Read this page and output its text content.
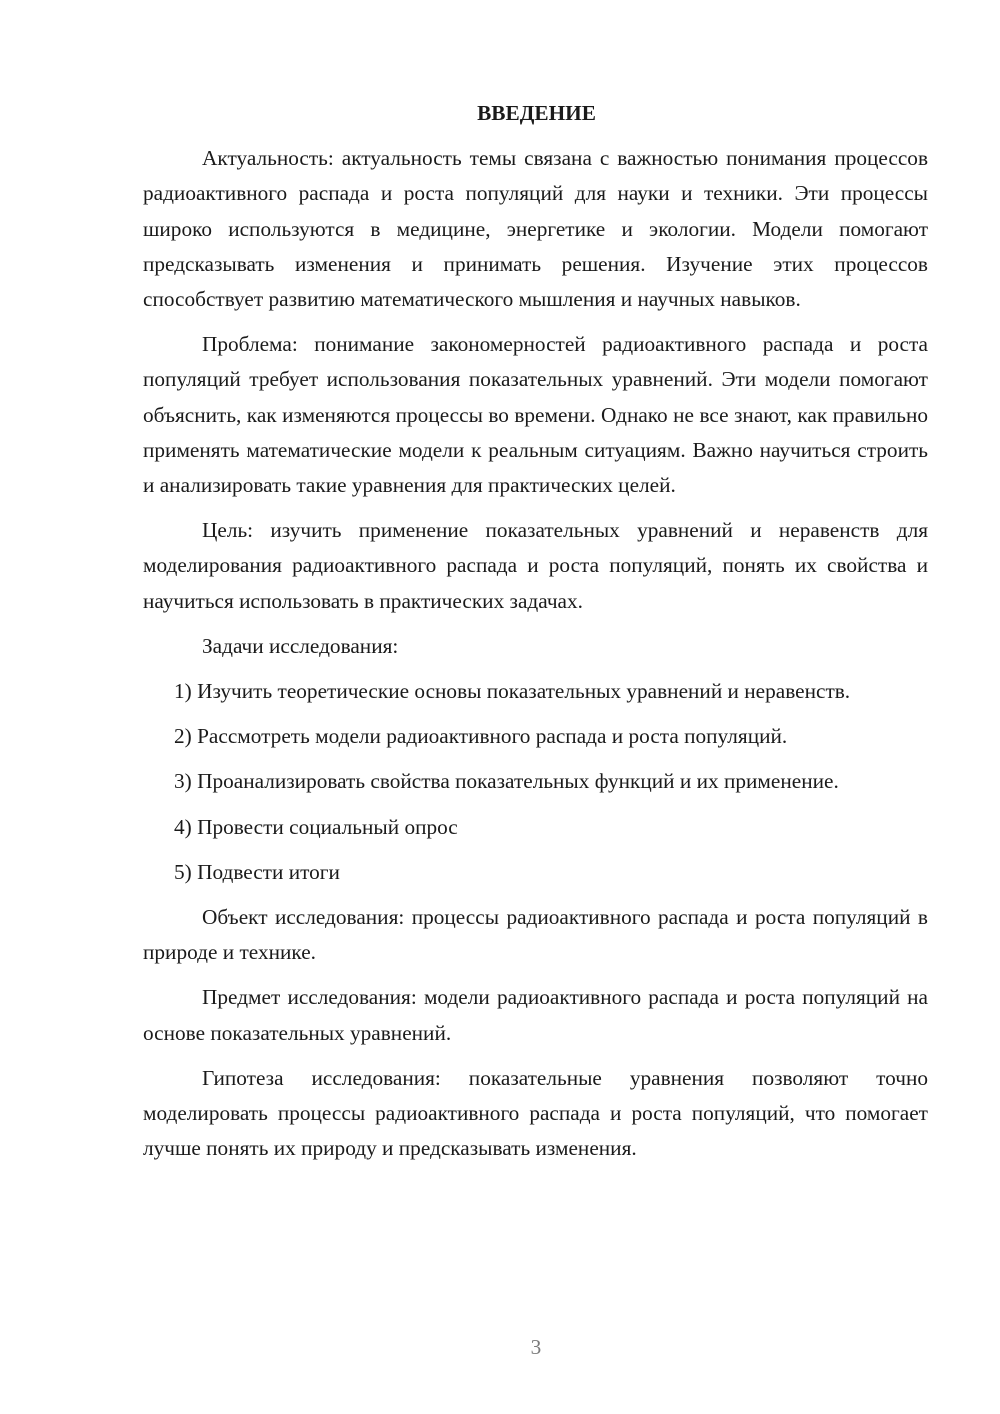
ВВЕДЕНИЕ

Актуальность: актуальность темы связана с важностью понимания процессов радиоактивного распада и роста популяций для науки и техники. Эти процессы широко используются в медицине, энергетике и экологии. Модели помогают предсказывать изменения и принимать решения. Изучение этих процессов способствует развитию математического мышления и научных навыков.

Проблема: понимание закономерностей радиоактивного распада и роста популяций требует использования показательных уравнений. Эти модели помогают объяснить, как изменяются процессы во времени. Однако не все знают, как правильно применять математические модели к реальным ситуациям. Важно научиться строить и анализировать такие уравнения для практических целей.

Цель: изучить применение показательных уравнений и неравенств для моделирования радиоактивного распада и роста популяций, понять их свойства и научиться использовать в практических задачах.

Задачи исследования:

1) Изучить теоретические основы показательных уравнений и неравенств.

2) Рассмотреть модели радиоактивного распада и роста популяций.

3) Проанализировать свойства показательных функций и их применение.

4) Провести социальный опрос

5) Подвести итоги

Объект исследования: процессы радиоактивного распада и роста популяций в природе и технике.

Предмет исследования: модели радиоактивного распада и роста популяций на основе показательных уравнений.

Гипотеза исследования: показательные уравнения позволяют точно моделировать процессы радиоактивного распада и роста популяций, что помогает лучше понять их природу и предсказывать изменения.

3
